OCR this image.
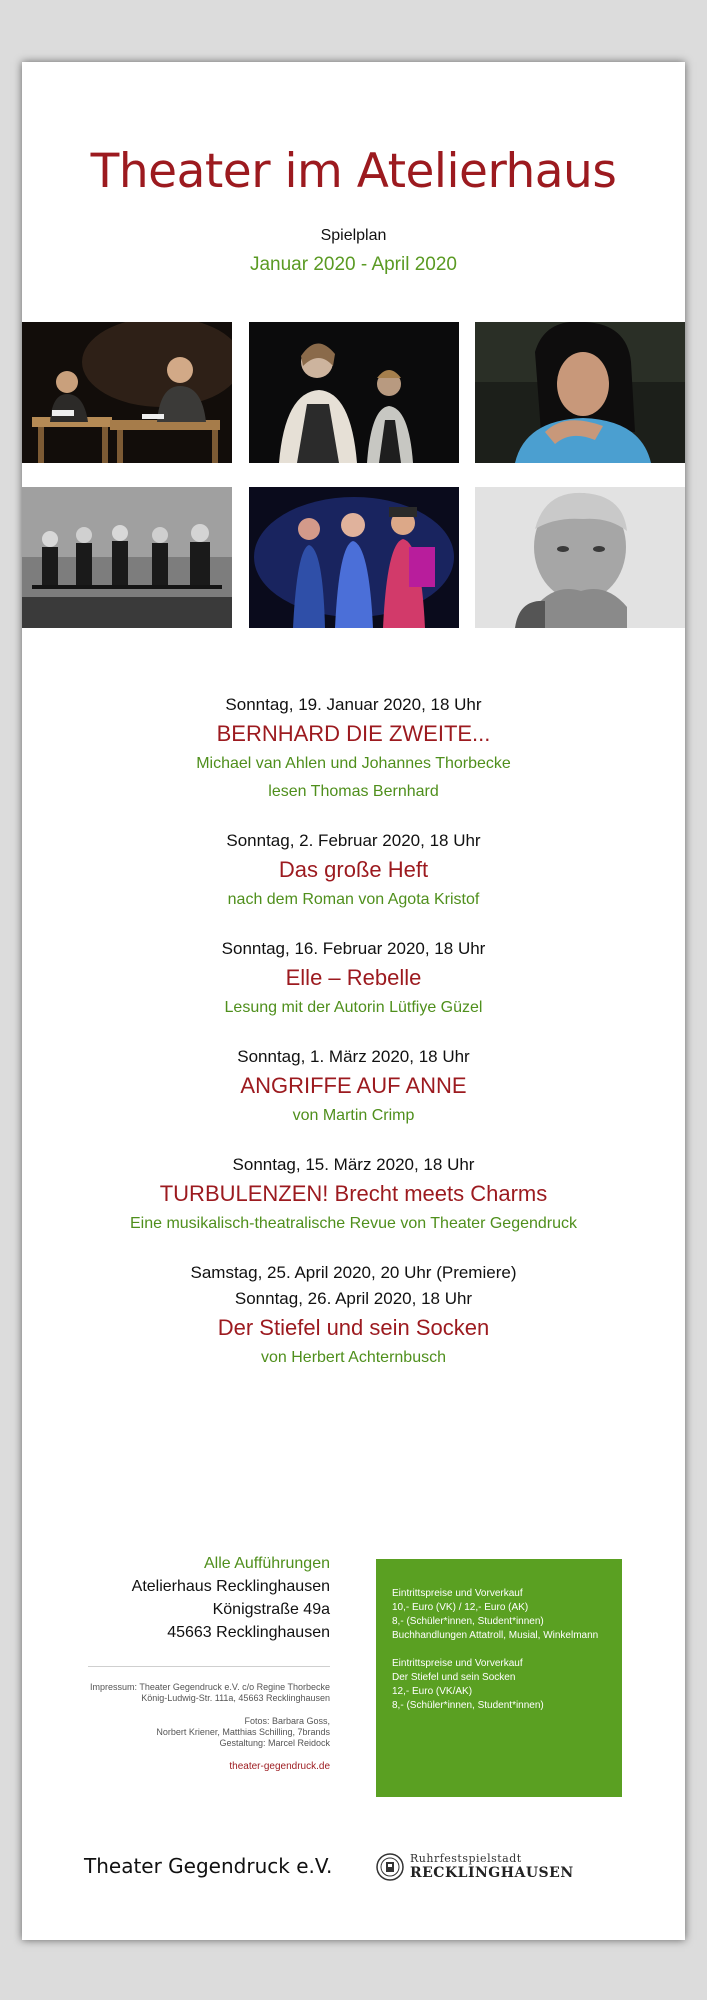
Theater im Atelierhaus
Spielplan
Januar 2020 - April 2020
Sonntag, 19. Januar 2020, 18 Uhr
BERNHARD DIE ZWEITE...
Michael van Ahlen und Johannes Thorbecke
lesen Thomas Bernhard
Sonntag, 2. Februar 2020, 18 Uhr
Das große Heft
nach dem Roman von Agota Kristof
Sonntag, 16. Februar 2020, 18 Uhr
Elle – Rebelle
Lesung mit der Autorin Lütfiye Güzel
Sonntag, 1. März 2020, 18 Uhr
ANGRIFFE AUF ANNE
von Martin Crimp
Sonntag, 15. März 2020, 18 Uhr
TURBULENZEN! Brecht meets Charms
Eine musikalisch-theatralische Revue von Theater Gegendruck
Samstag, 25. April 2020, 20 Uhr (Premiere)
Sonntag, 26. April 2020, 18 Uhr
Der Stiefel und sein Socken
von Herbert Achternbusch
Alle Aufführungen
Atelierhaus Recklinghausen
Königstraße 49a
45663 Recklinghausen
Impressum: Theater Gegendruck e.V. c/o Regine Thorbecke
König-Ludwig-Str. 111a, 45663 Recklinghausen
Fotos: Barbara Goss,
Norbert Kriener, Matthias Schilling, 7brands
Gestaltung: Marcel Reidock
theater-gegendruck.de
Eintrittspreise und Vorverkauf
10,- Euro (VK) / 12,- Euro (AK)
8,- (Schüler*innen, Student*innen)
Buchhandlungen Attatroll, Musial, Winkelmann
Eintrittspreise und Vorverkauf
Der Stiefel und sein Socken
12,- Euro (VK/AK)
8,- (Schüler*innen, Student*innen)
Theater Gegendruck e.V.	Ruhrfestspielstadt
RECKLINGHAUSEN
